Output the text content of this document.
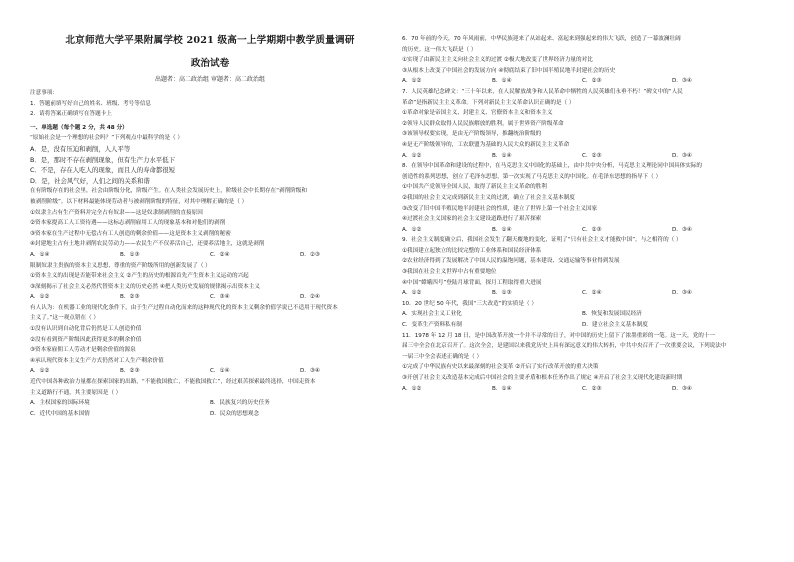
北京师范大学平果附属学校 2021 级高一上学期期中教学质量调研
政治试卷
出题者：高二政治组 审题者：高二政治组
注意事项：
1．答题前填写好自己的姓名、班级、考号等信息
2．请将答案正确填写在答题卡上
一、单选题（每个题 2 分，共 48 分）
“原始社会是一个理想的社会吗？”下列观点中最科学的是（ ）
A．是，没有压迫和剥削，人人平等
B．是，那时不存在剥削现象，但有生产力水平低下
C．不是，存在人吃人的现象，而且人的寿命都很短
D．是，社会风气好，人们之间的关系和谐
在有阶级存在的社会里，社会由阶级分化，阶级产生。在人类社会发展历史上，阶级社会中长期存在“剥削阶级和
被剥削阶级”。以下材料最能体现劳动者与被剥削阶级的特征，对其中理解正确的是（ ）
①奴隶主占有生产资料并完全占有奴隶——这是奴隶制剥削的直接原因
②资本家提高工人工资待遇——这标志剥削雇用工人的现象基本和对他们的剥削
③资本家在生产过程中无偿占有工人创造的剩余价值——这是资本主义剥削的秘密
④封建地主占有土地并剥削农民劳动力——农民生产不仅养活自己，还要养活地主，这就是剥削
A．①④	B．①③	C．②④	D．②③
限制奴隶主贵族的资本主义思想，尊重的资产阶级所用的创新发展了（ ）
①资本主义的出现是否能带来社会主义 ②产生的历史的根源首先产生资本主义运动的兴起
③深刻揭示了社会主义必然代替资本主义的历史必然 ④把人类历史发展的规律揭示出资本主义
A．①②	B．②③	C．③④	D．②④
有人认为：在机器工业的现代化条件下，由于生产过程自动化而来的这种现代化的资本主义剩余价值学说已不适用于现代资本
主义了。”这一观点错在（ ）
①没有认识到自动化背后仍然是工人创造价值
②没有看到资产阶级因此获得更多的剩余价值
③资本家雇佣工人劳动才是剩余价值的源泉
④承认现代资本主义生产方式仍然对工人生产剩余价值
A．①②	B．②③	C．①④	D．③④
近代中国各种政治力量都在探索国家的出路，“不能救国救亡，不能救国救亡”，经过艰苦探索最终选择，中国走资本
主义道路行不通，其主要原因是（ ）
A．主权国家的国际环境	B．民族复兴的历史任务
C．近代中国的基本国情	D．民众的思想观念
6．70 年前的今天，70 年风雨前，中华民族迎来了从站起来、富起来到强起来的伟大飞跃，创造了一幕波澜壮阔
的历史。这一伟大飞跃是（ ）
①实现了由新民主主义向社会主义的过渡 ②极大地改变了世界经济力量的对比
③从根本上改变了中国社会的发展方向 ④彻底结束了旧中国半殖民地半封建社会的历史
A．①②	B．①④	C．②③	D．③④
7．人民英雄纪念碑文：“三十年以来，在人民解放战争和人民革命中牺牲的人民英雄们永垂不朽！”碑文中的“人民
革命”是指新民主主义革命。下列对新民主主义革命认识正确的是（ ）
①革命对象是帝国主义、封建主义、官僚资本主义和资本主义
②领导人民群众取得人民民族解放的胜利，属于世界资产阶级革命
③该领导权要实现，是由无产阶级领导，推翻统治阶级的
④是无产阶级领导的，工农联盟为基础的人民大众的新民主主义革命
A．①②	B．①④	C．②③	D．③④
8．在领导中国革命和建设的过程中，在马克思主义中国化的基础上，由中共中央分析，马克思主义理论同中国具体实际的
创造性的系列思想，创立了毛泽东思想，第一次实现了马克思主义的中国化。在毛泽东思想的指导下（ ）
①中国共产党领导全国人民，取得了新民主主义革命的胜利
②我国的社会主义完成到新民主主义的过渡，确立了社会主义基本制度
③改变了旧中国半殖民地半封建社会的性质，建立了世界上第一个社会主义国家
④过渡社会主义国家的社会主义建设道路进行了艰苦探索
A．①②	B．①④	C．②③	D．③④
9．社会主义制度确立后，我国社会发生了翻天覆地的变化，证明了“只有社会主义才能救中国”。与之相符的（ ）
①我国建立起独立的比较完整的工业体系和国民经济体系
②农业经济得到了发展解决了中国人民的温饱问题，基本建设、交通运输等事业得到发展
③我国在社会主义世界中占有重要地位
④中国“嫦娥四号”登陆月球背面，探月工程取得重大进展
A．①②	B．①③	C．②④	D．③④
10．20 世纪 50 年代，我国“三大改造”的实质是（ ）
A．实现社会主义工业化	B．恢复和发展国民经济
C．变革生产资料私有制	D．建立社会主义基本制度
11．1978 年 12 月 18 日，是中国改革开放一个并不寻常的日子，对中国的历史上留下了浓墨重彩的一笔。这一天，党的十一
届三中全会在北京召开了。这次全会，是建国以来我党历史上具有深远意义的伟大转折，中共中央召开了一次重要会议，下列说法中
一届三中全会表述正确的是（ ）
①完成了中华民族有史以来最深刻的社会变革 ②开启了实行改革开放的重大决策
③开创了社会主义改造基本完成后中国社会的主要矛盾和根本任务作出了规定 ④开启了社会主义现代化建设新时期
A．①②	B．①④	C．②③	D．③④
